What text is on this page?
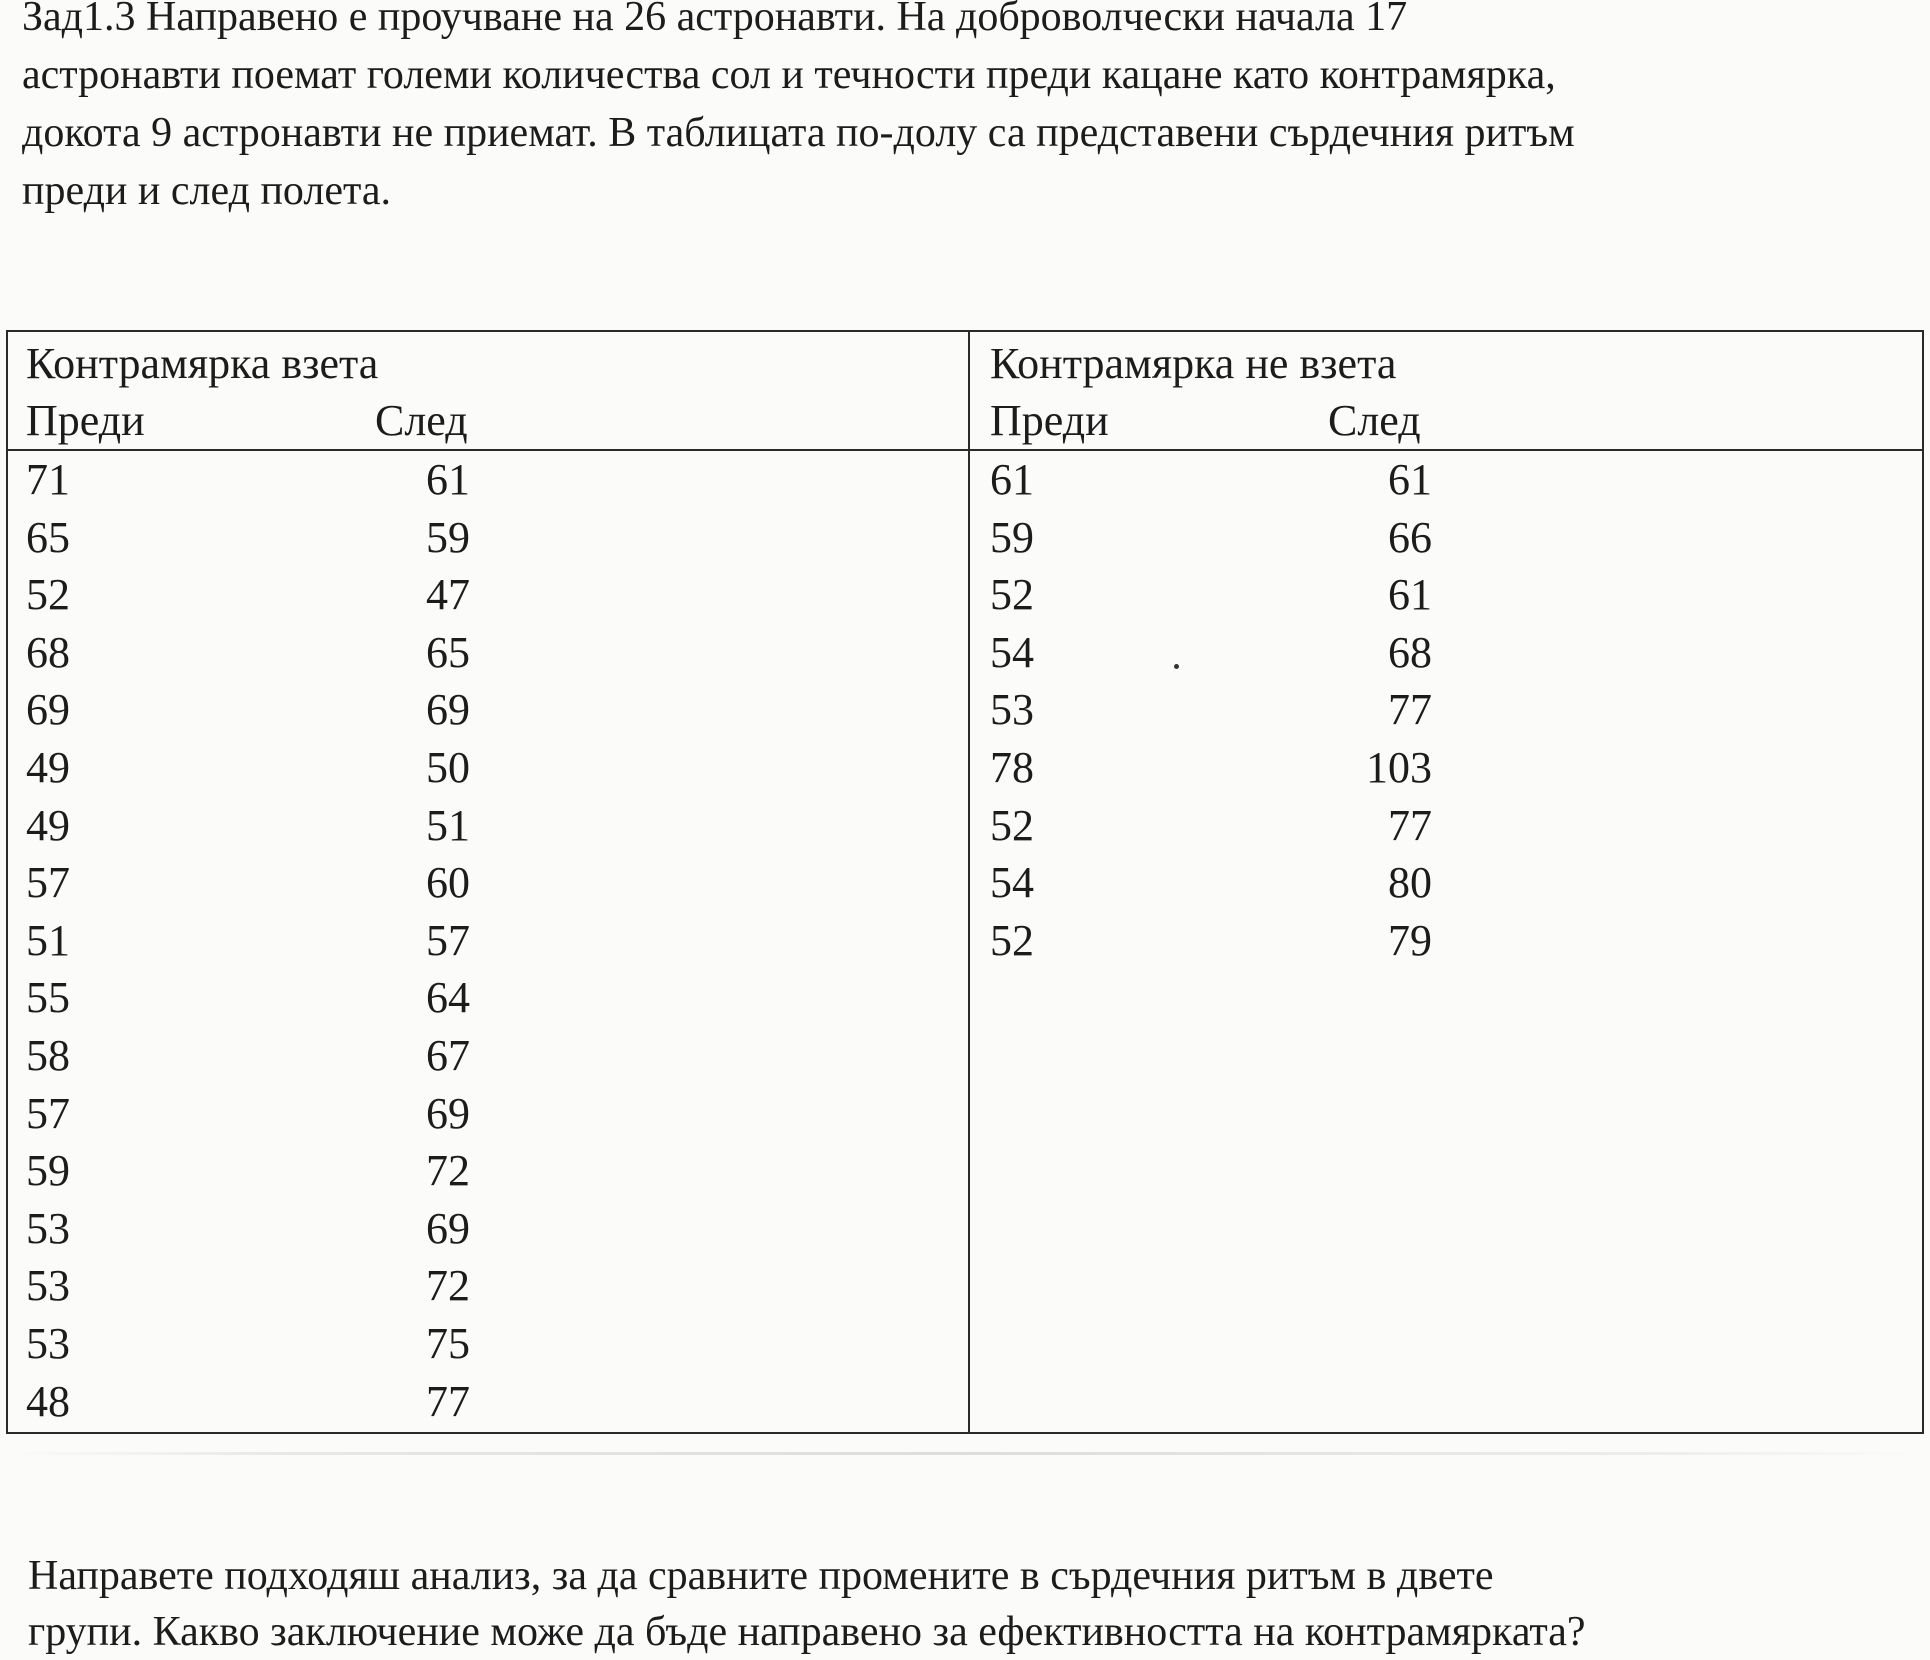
Зад1.3 Направено е проучване на 26 астронавти. На доброволчески начала 17
астронавти поемат големи количества сол и течности преди кацане като контрамярка,
докота 9 астронавти не приемат. В таблицата по-долу са представени сърдечния ритъм
преди и след полета.
Контрамярка взета
Преди	След
71
65
52
68
69
49
49
57
51
55
58
57
59
53
53
53
48
61
59
47
65
69
50
51
60
57
64
67
69
72
69
72
75
77
Контрамярка не взета
Преди	След
61
59
52
54
53
78
52
54
52
61
66
61
68
77
103
77
80
79
Направете подходяш анализ, за да сравните промените в сърдечния ритъм в двете
групи. Какво заключение може да бъде направено за ефективността на контрамярката?
